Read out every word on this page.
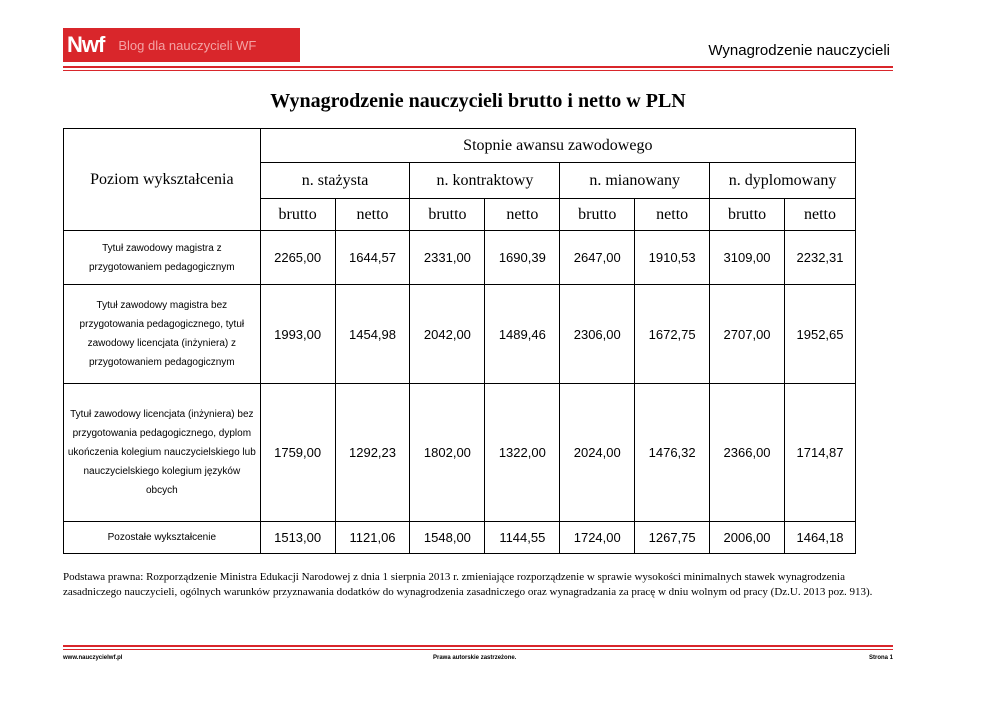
Nwf Blog dla nauczycieli WF	Wynagrodzenie nauczycieli
Wynagrodzenie nauczycieli brutto i netto w PLN
Poziom wykształcenia	Stopnie awansu zawodowego							
	n. stażysta		n. kontraktowy		n. mianowany		n. dyplomowany	
	brutto	netto	brutto	netto	brutto	netto	brutto	netto
Tytuł zawodowy magistra z przygotowaniem pedagogicznym	2265,00	1644,57	2331,00	1690,39	2647,00	1910,53	3109,00	2232,31
Tytuł zawodowy magistra bez przygotowania pedagogicznego, tytuł zawodowy licencjata (inżyniera) z przygotowaniem pedagogicznym	1993,00	1454,98	2042,00	1489,46	2306,00	1672,75	2707,00	1952,65
Tytuł zawodowy licencjata (inżyniera) bez przygotowania pedagogicznego, dyplom ukończenia kolegium nauczycielskiego lub nauczycielskiego kolegium języków obcych	1759,00	1292,23	1802,00	1322,00	2024,00	1476,32	2366,00	1714,87
Pozostałe wykształcenie	1513,00	1121,06	1548,00	1144,55	1724,00	1267,75	2006,00	1464,18
Podstawa prawna: Rozporządzenie Ministra Edukacji Narodowej z dnia 1 sierpnia 2013 r. zmieniające rozporządzenie w sprawie wysokości minimalnych stawek wynagrodzenia zasadniczego nauczycieli, ogólnych warunków przyznawania dodatków do wynagrodzenia zasadniczego oraz wynagradzania za pracę w dniu wolnym od pracy (Dz.U. 2013 poz. 913).
www.nauczycielwf.pl	Prawa autorskie zastrzeżone.	Strona 1
